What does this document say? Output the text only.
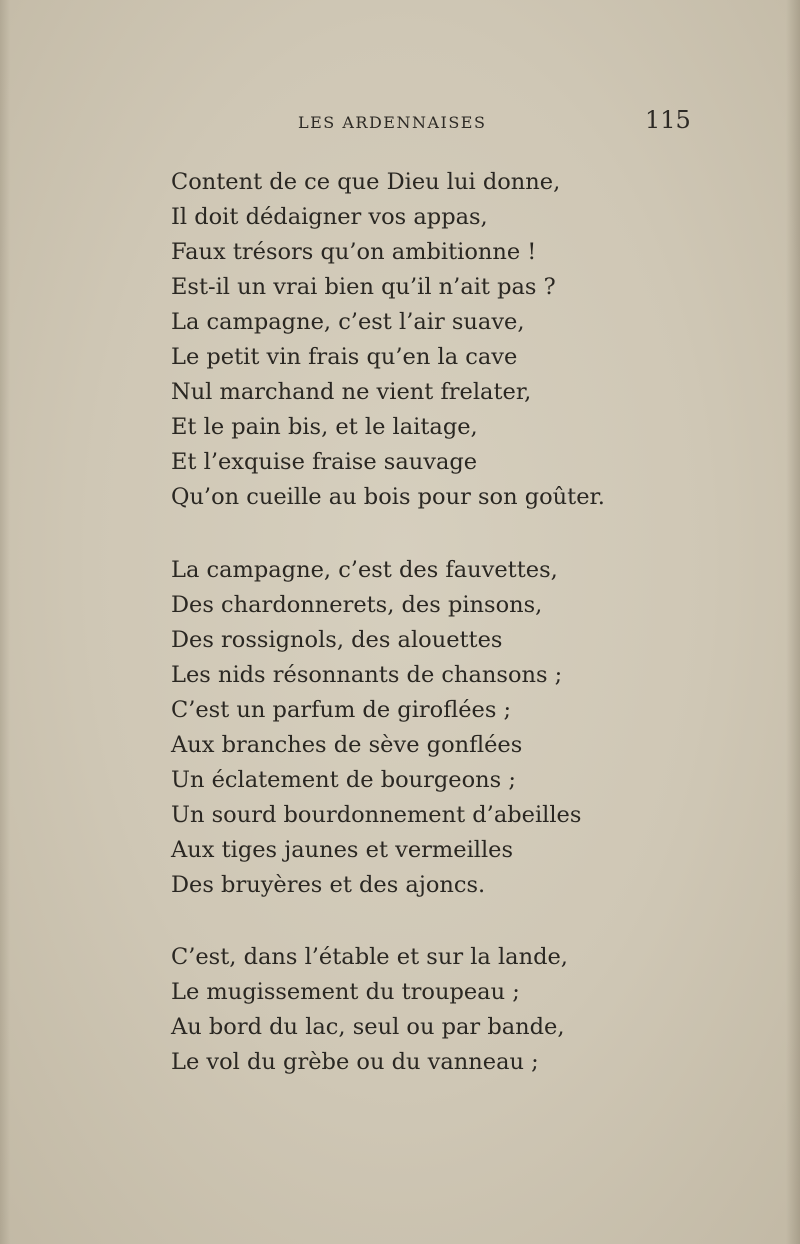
LES ARDENNAISES	115
Content de ce que Dieu lui donne,
Il doit dédaigner vos appas,
Faux trésors qu’on ambitionne !
Est-il un vrai bien qu’il n’ait pas ?
La campagne, c’est l’air suave,
Le petit vin frais qu’en la cave
Nul marchand ne vient frelater,
Et le pain bis, et le laitage,
Et l’exquise fraise sauvage
Qu’on cueille au bois pour son goûter.
La campagne, c’est des fauvettes,
Des chardonnerets, des pinsons,
Des rossignols, des alouettes
Les nids résonnants de chansons ;
C’est un parfum de giroflées ;
Aux branches de sève gonflées
Un éclatement de bourgeons ;
Un sourd bourdonnement d’abeilles
Aux tiges jaunes et vermeilles
Des bruyères et des ajoncs.
C’est, dans l’étable et sur la lande,
Le mugissement du troupeau ;
Au bord du lac, seul ou par bande,
Le vol du grèbe ou du vanneau ;
